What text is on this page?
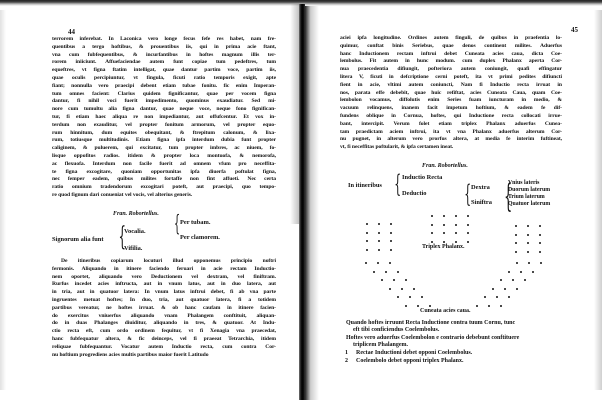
44
terrorem inferebat. In Laconica vero longe fecus fefe res habet, nam fre-
quentibus a tergo hoftibus, & prouentibus iis, qui in prima acie ftant,
vna cum fubfequentibus, & incurfantibus in hoftes magnum illis ter-
rorem iniiciunt. Affuefaciendae autem funt copiae tum pedeftres, tum
equeftres, vt figna ftatim intelligat, quae dantur partim voce, partim iis,
quae oculis percipiuntur, vt fingula, ficuti ratio temporis exigit, apte
fiant; nonnulla vero praecipi debent etiam tubae fonitu. fic enim Imperan-
tum omnes facient: Clarius quidem fignificantur, quae per vocem figna
dantur, fi nihil voci fuerit impedimento, quominus exaudiatur. Sed mi-
nore cum tumultu alia figna dantur, quae neque voce, neque fono fignifican-
tur, fi etiam haec aliqua re non impediantur, aut offufcentur. Et vox in-
terdum non exauditur, vel propter fonitum armorum, vel propter equo-
rum hinnitum, dum equites obequitant, & ftrepitum calonum, & lixa-
rum, totiusque multitudinis. Etiam figna ipfa interdum dubia funt propter
caliginem, & puluerem, qui excitatur, tum propter imbres, ac niuem, fo-
lisque oppofitos radios. itidem & propter loca montuofa, & nemorofa,
ac flexuofa. Interdum non facile fuerit ad omnem vfum pro neceffita-
te figna excogitare, quoniam opportunitas ipfa diuerfa poftulat figna,
nec femper eadem, quibus milites fortaffe non fint affueti. Nec certa
ratio omnium tradendorum excogitari poteft, aut praecipi, quo tempo-
re quod fignum dari conueniat vel vocis, vel alterius generis.
Fran. Robortellus.
Signorum alia funt {
Vocalia.
Vifilia.
{ Per tubam.
Per clamorem.
De itineribus copiarum locuturi illud opponemus principio noftri
fermonis. Aliquando in itinere faciendo feruari in acie rectam Inductio-
nem oportet, aliquando vero Deductionem vel dextram, vel finiftram.
Rurfus incedet acies inftructa, aut in vnum latus, aut in duo latera, aut
in tria, aut in quatuor latera: In vnum latus inftrui debet, fi ab vna parte
ingruentes metuat hoftes; In duo, tria, aut quatuor latera, fi a totidem
partibus vereatur, ne hoftes irruat. & ob hanc caufam in itinere facien-
do exercitus vniuerfus aliquando vnam Phalangem conftituit, aliquan-
do in duas Phalanges diuiditur, aliquando in tres, & quatuor. At Indu-
ctio recta eft, cum ordo ordinem fequitur, vt fi Xenagia vna praecedat,
hanc fubfequatur altera, & fic deinceps, vel fi praeeat Tetrarchia, itidem
reliquae fubfequantur. Vocatur autem Inductio recta, cum contra Cor-
nu hoftium progrediens acies multis partibus maior fuerit Latitudo
45
aciei ipfa longitudine. Ordines autem finguli, de quibus in praefentia lo-
quimur, conftat binis Seriebus, quae denos continent milites. Aduerfus
hanc Inductionem rectam inftrui debet Cuneata acies caua, dicta Coe-
lembolus. Fit autem in hunc modum. cum duplex Phalanx aperta Cor-
nua praecedentia difiungit, pofteriora autem coniungit, quafi effingatur
litera V, ficuti in defcriptione cerni poteft, ita vt primi pedites difiuncti
fient in acie, vltimi autem coniuncti, Nam fi Inductio recta irruat in
nos, parata effe debebit, quae huic refiftat, acies Cuneata Caua, quam Coe-
lembolon vocamus, diffolutis enim Series fuam iuncturam in medio, &
vacuum relinquens, inanem facit impetum hoftium, & eadem fe dif-
fundens oblique in Cornua, hoftes, qui Inductione recta collocati irrue-
bant, intercipit. Verum folet etiam triplex Phalanx aduerfus Cunea-
tam praedictam aciem inftrui, ita vt vna Phalanx aduerfus alterum Cor-
nu pugnet, in alterum vero prorfus altera, at media fe interim fuftineat,
vt, fi neceffitas poftularit, & ipfa certamen ineat.
Fran. Robortellus.
In itineribus { Inductio Recta
Deductio { Dextra
Siniftra {
Vnius lateris
Duorum laterum
Trium laterum
Quatuor laterum
Triplex Phalanx.
Cuneata acies caua.
Quando hoftes irruunt Recta Inductione contra tuum Cornu, tunc
eft tibi conficiendus Coelembolus.
Hoftes vero aduerfus Coelembolon e contrario debebunt conftituere
triplicem Phalangem.
1 Rectae Inductioni debet opponi Coelembolus.
2 Coelembolo debet opponi triplex Phalanx.
